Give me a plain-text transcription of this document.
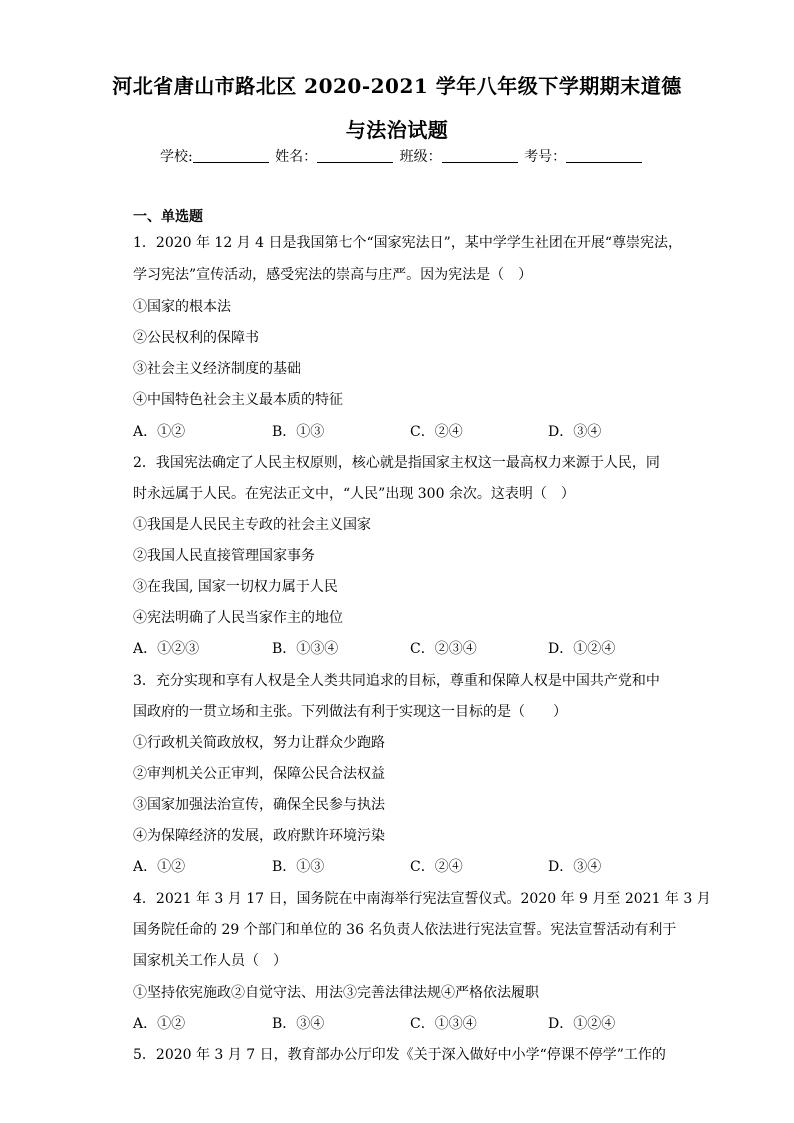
河北省唐山市路北区 2020-2021 学年八年级下学期期末道德
与法治试题
学校:	姓名：	班级：	考号：
一、单选题
1．2020 年 12 月 4 日是我国第七个“国家宪法日”，某中学学生社团在开展“尊崇宪法，
学习宪法”宣传活动，感受宪法的崇高与庄严。因为宪法是（　）
①国家的根本法
②公民权利的保障书
③社会主义经济制度的基础
④中国特色社会主义最本质的特征
A．①②	B．①③	C．②④	D．③④
2．我国宪法确定了人民主权原则，核心就是指国家主权这一最高权力来源于人民，同
时永远属于人民。在宪法正文中，“人民”出现 300 余次。这表明（　）
①我国是人民民主专政的社会主义国家
②我国人民直接管理国家事务
③在我国, 国家一切权力属于人民
④宪法明确了人民当家作主的地位
A．①②③	B．①③④	C．②③④	D．①②④
3．充分实现和享有人权是全人类共同追求的目标，尊重和保障人权是中国共产党和中
国政府的一贯立场和主张。下列做法有利于实现这一目标的是（　　）
①行政机关简政放权，努力让群众少跑路
②审判机关公正审判，保障公民合法权益
③国家加强法治宣传，确保全民参与执法
④为保障经济的发展，政府默许环境污染
A．①②	B．①③	C．②④	D．③④
4．2021 年 3 月 17 日，国务院在中南海举行宪法宣誓仪式。2020 年 9 月至 2021 年 3 月
国务院任命的 29 个部门和单位的 36 名负责人依法进行宪法宣誓。宪法宣誓活动有利于
国家机关工作人员（　）
①坚持依宪施政②自觉守法、用法③完善法律法规④严格依法履职
A．①②	B．③④	C．①③④	D．①②④
5．2020 年 3 月 7 日，教育部办公厅印发《关于深入做好中小学“停课不停学”工作的
